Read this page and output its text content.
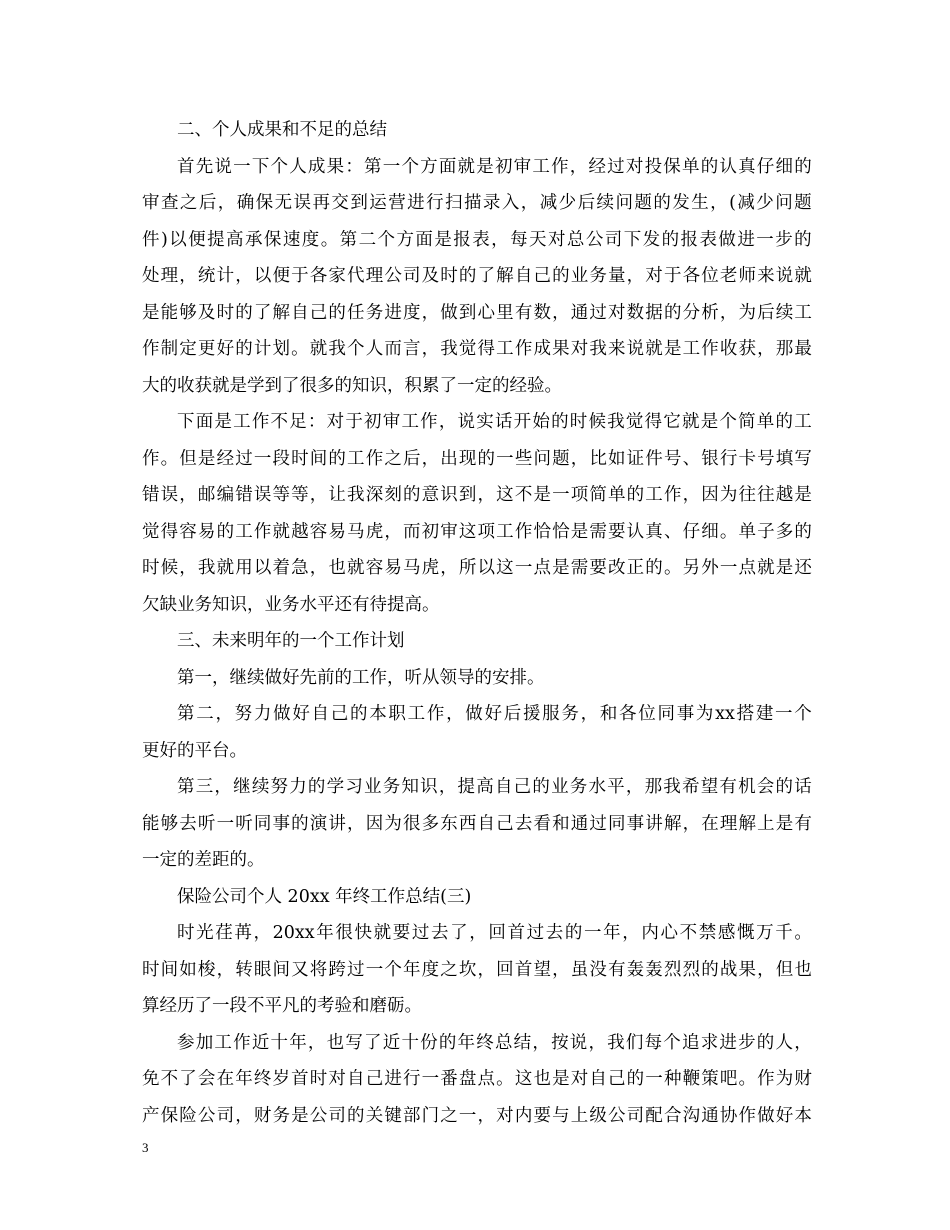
二、个人成果和不足的总结
首 先 说 一 下 个 人 成 果 ： 第 一 个 方 面 就 是 初 审 工 作 ， 经 过 对 投 保 单 的 认 真 仔 细 的
审 查 之 后 ， 确 保 无 误 再 交 到 运 营 进 行 扫 描 录 入 ， 减 少 后 续 问 题 的 发 生 ， ( 减 少 问 题
件 ) 以 便 提 高 承 保 速 度 。 第 二 个 方 面 是 报 表 ， 每 天 对 总 公 司 下 发 的 报 表 做 进 一 步 的
处 理 ， 统 计 ， 以 便 于 各 家 代 理 公 司 及 时 的 了 解 自 己 的 业 务 量 ， 对 于 各 位 老 师 来 说 就
是 能 够 及 时 的 了 解 自 己 的 任 务 进 度 ， 做 到 心 里 有 数 ， 通 过 对 数 据 的 分 析 ， 为 后 续 工
作 制 定 更 好 的 计 划 。 就 我 个 人 而 言 ， 我 觉 得 工 作 成 果 对 我 来 说 就 是 工 作 收 获 ， 那 最
大的收获就是学到了很多的知识，积累了一定的经验。
下 面 是 工 作 不 足 ： 对 于 初 审 工 作 ， 说 实 话 开 始 的 时 候 我 觉 得 它 就 是 个 简 单 的 工
作 。 但 是 经 过 一 段 时 间 的 工 作 之 后 ， 出 现 的 一 些 问 题 ， 比 如 证 件 号 、 银 行 卡 号 填 写
错 误 ， 邮 编 错 误 等 等 ， 让 我 深 刻 的 意 识 到 ， 这 不 是 一 项 简 单 的 工 作 ， 因 为 往 往 越 是
觉 得 容 易 的 工 作 就 越 容 易 马 虎 ， 而 初 审 这 项 工 作 恰 恰 是 需 要 认 真 、 仔 细 。 单 子 多 的
时 候 ， 我 就 用 以 着 急 ， 也 就 容 易 马 虎 ， 所 以 这 一 点 是 需 要 改 正 的 。 另 外 一 点 就 是 还
欠缺业务知识，业务水平还有待提高。
三、未来明年的一个工作计划
第一，继续做好先前的工作，听从领导的安排。
第 二 ， 努 力 做 好 自 己 的 本 职 工 作 ， 做 好 后 援 服 务 ， 和 各 位 同 事 为 xx 搭 建 一 个
更好的平台。
第 三 ， 继 续 努 力 的 学 习 业 务 知 识 ， 提 高 自 己 的 业 务 水 平 ， 那 我 希 望 有 机 会 的 话
能 够 去 听 一 听 同 事 的 演 讲 ， 因 为 很 多 东 西 自 己 去 看 和 通 过 同 事 讲 解 ， 在 理 解 上 是 有
一定的差距的。
保险公司个人 20xx 年终工作总结(三)
时 光 荏 苒 ， 20xx 年 很 快 就 要 过 去 了 ， 回 首 过 去 的 一 年 ， 内 心 不 禁 感 慨 万 千 。
时 间 如 梭 ， 转 眼 间 又 将 跨 过 一 个 年 度 之 坎 ， 回 首 望 ， 虽 没 有 轰 轰 烈 烈 的 战 果 ， 但 也
算经历了一段不平凡的考验和磨砺。
参 加 工 作 近 十 年 ， 也 写 了 近 十 份 的 年 终 总 结 ， 按 说 ， 我 们 每 个 追 求 进 步 的 人 ，
免 不 了 会 在 年 终 岁 首 时 对 自 己 进 行 一 番 盘 点 。 这 也 是 对 自 己 的 一 种 鞭 策 吧 。 作 为 财
产 保 险 公 司 ， 财 务 是 公 司 的 关 键 部 门 之 一 ， 对 内 要 与 上 级 公 司 配 合 沟 通 协 作 做 好 本
3
